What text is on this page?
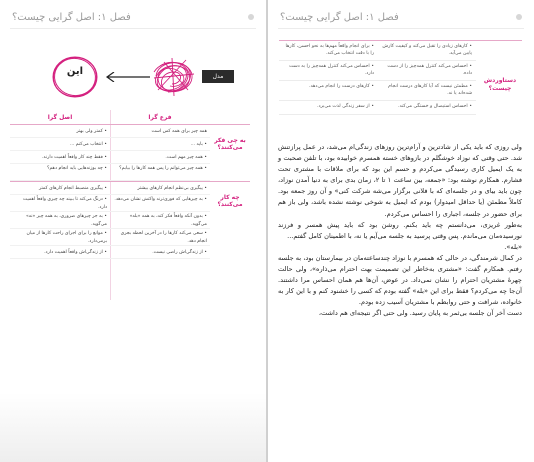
فصل ۱: اصل گرایی چیست؟
مدل
این
فرع گرا
اصل گرا
به چی فکر می‌کنند؟
همه چیز برای همه کس است
• باید ...
• همه چیز مهم است.
• همه چیز می‌توانم را پس همه کارها را بیابم؟
• کمتر ولی بهتر
• انتخاب می‌کنم ...
• فقط چند کار واقعاً اهمیت دارند.
• چه بوزنه‌هایی باید انجام دهم؟
چه کار می‌کنند؟
• پیگیری بی‌نظم انجام کارهای بیشتر
• به چیزهایی که فوری‌ترند واکنش نشان می‌دهد.
• بدون آنکه واقعاً فکر کند، به همه «بله» می‌گوید.
• سعی می‌کند کارها را در آخرین لحظه بجزی انجام دهد.
• از زندگی‌اش راضی نیست.
• پیگیری منضبط انجام کارهای کمتر
• درنگ می‌کند تا ببیند چه چیزی واقعاً اهمیت دارد.
• به جز چیزهای ضروری، به همه چیز «نه» می‌گوید.
• موانع را برای اجرای راحت کارها از میان برمی‌دارد.
• از زندگی‌اش واقعاً اهمیت دارد.
فصل ۱: اصل گرایی چیست؟
دستاوردش چیست؟
• کارهای زیادی را تقبل می‌کند و کیفیت کارش پایین می‌آید.
• برای انجام واقعاً مهم‌ها به نحو احسن، کارها را با دقت انتخاب می‌کند.
• احساس می‌کند کنترل همه‌چیز را از دست داده.
• احساس می‌کند کنترل همه‌چیز را به دست دارد.
• مطمئن نیست که آیا کارهای درست انجام شده‌اند یا نه.
• کارهای درست را انجام می‌دهد.
• احساس استیصال و خستگی می‌کند.
• از سفر زندگی لذت می‌برد.

ولی روزی که باید یکی از شادترین و آرام‌ترین روزهای زندگی‌ام می‌شد، در عمل پرازتنش شد. حتی وقتی که نوزاد خوشگلم در بازوهای خسته همسرم خوابیده بود، با تلفن صحبت و به یک ایمیل کاری رسیدگی می‌کردم و حسم این بود که برای ملاقات با مشتری تحت فشارم. همکارم نوشته بود: «جمعه، بین ساعت ۱ تا ۲، زمان بدی برای به دنیا آمدن نوزاد، چون باید بیای و در جلسه‌ای که با فلانی برگزار می‌شه شرکت کنی» و آن روز جمعه بود. کاملاً مطمئن (یا حداقل امیدوار) بودم که ایمیل به شوخی نوشته نشده باشد، ولی باز هم برای حضور در جلسه، اجباری را احساس می‌کردم.

به‌طور غریزی، می‌دانستم چه باید بکنم. روشن بود که باید پیش همسر و فرزند نورسیده‌مان می‌ماندم. پس وقتی پرسید به جلسه می‌آیم یا نه، با اطمینان کامل گفتم...

«بله».

در کمال شرمندگی، در حالی که همسرم با نوزاد چندساعته‌مان در بیمارستان بود، به جلسه رفتم. همکارم گفت: «مشتری به‌خاطر این تصمیمت بهت احترام می‌ذاره»، ولی حالت چهرهٔ مشتریان احترام را نشان نمی‌داد. در عوض، آن‌ها هم همان احساس مرا داشتند. آن‌جا چه می‌کردم؟ فقط برای این «بله» گفته بودم که کسی را خشنود کنم و با این کار به خانواده، شرافت و حتی روابطم با مشتریان آسیب زده بودم.

دست آخر آن جلسه بی‌ثمر به پایان رسید. ولی حتی اگر نتیجه‌ای هم داشت،
